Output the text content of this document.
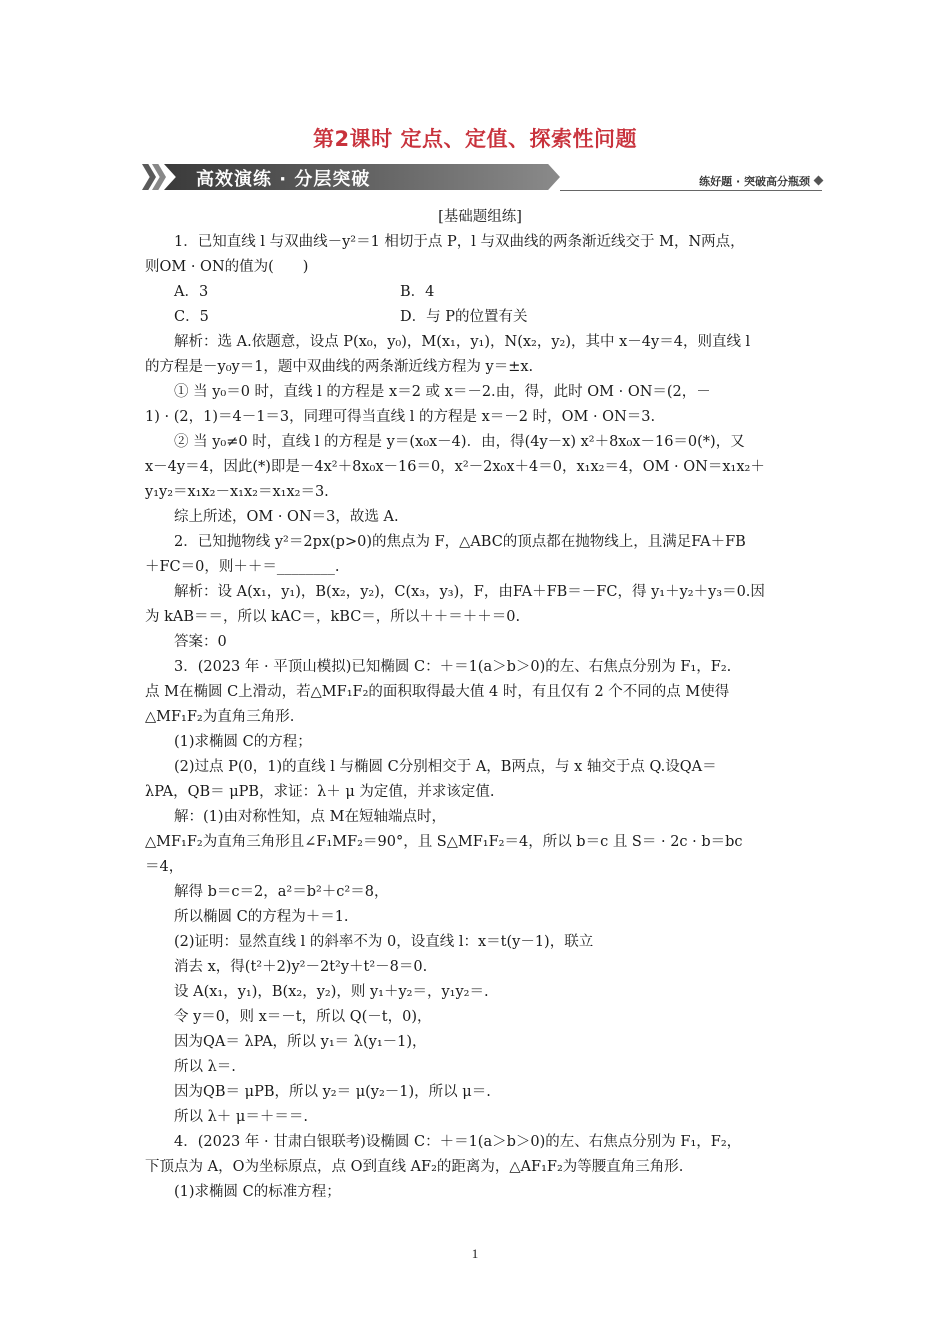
第2课时 定点、定值、探索性问题
高效演练 · 分层突破	练好题 · 突破高分瓶颈

[基础题组练]

1．已知直线 l 与双曲线－y²＝1 相切于点 P，l 与双曲线的两条渐近线交于 M，N两点，

则OM · ON的值为(　　)

A．3	B．4
C．5	D．与 P的位置有关

解析：选 A.依题意，设点 P(x₀，y₀)，M(x₁，y₁)，N(x₂，y₂)，其中 x－4y＝4，则直线 l

的方程是－y₀y＝1，题中双曲线的两条渐近线方程为 y＝±x.

① 当 y₀＝0 时，直线 l 的方程是 x＝2 或 x＝－2.由，得，此时 OM · ON＝(2，－

1) · (2，1)＝4－1＝3，同理可得当直线 l 的方程是 x＝－2 时，OM · ON＝3.

② 当 y₀≠0 时，直线 l 的方程是 y＝(x₀x－4)．由，得(4y－x) x²＋8x₀x－16＝0(*)，又

x－4y＝4，因此(*)即是－4x²＋8x₀x－16＝0，x²－2x₀x＋4＝0，x₁x₂＝4，OM · ON＝x₁x₂＋

y₁y₂＝x₁x₂－x₁x₂＝x₁x₂＝3.

综上所述，OM · ON＝3，故选 A.

2．已知抛物线 y²＝2px(p>0)的焦点为 F，△ABC的顶点都在抛物线上，且满足FA＋FB

＋FC＝0，则＋＋＝________.

解析：设 A(x₁，y₁)，B(x₂，y₂)，C(x₃，y₃)，F，由FA＋FB＝－FC，得 y₁＋y₂＋y₃＝0.因

为 kAB＝＝，所以 kAC＝，kBC＝，所以＋＋＝＋＋＝0.

答案：0

3．(2023 年 · 平顶山模拟)已知椭圆 C：＋＝1(a＞b＞0)的左、右焦点分别为 F₁，F₂.

点 M在椭圆 C上滑动，若△MF₁F₂的面积取得最大值 4 时，有且仅有 2 个不同的点 M使得

△MF₁F₂为直角三角形.

(1)求椭圆 C的方程；

(2)过点 P(0，1)的直线 l 与椭圆 C分别相交于 A，B两点，与 x 轴交于点 Q.设QA＝

λPA，QB＝ μPB，求证：λ＋ μ 为定值，并求该定值.

解：(1)由对称性知，点 M在短轴端点时，

△MF₁F₂为直角三角形且∠F₁MF₂＝90°，且 S△MF₁F₂＝4，所以 b＝c 且 S＝ · 2c · b＝bc

＝4，

解得 b＝c＝2，a²＝b²＋c²＝8，

所以椭圆 C的方程为＋＝1.

(2)证明：显然直线 l 的斜率不为 0，设直线 l：x＝t(y－1)，联立

消去 x，得(t²＋2)y²－2t²y＋t²－8＝0.

设 A(x₁，y₁)，B(x₂，y₂)，则 y₁＋y₂＝，y₁y₂＝.

令 y＝0，则 x＝－t，所以 Q(－t，0)，

因为QA＝ λPA，所以 y₁＝ λ(y₁－1)，

所以 λ＝.

因为QB＝ μPB，所以 y₂＝ μ(y₂－1)，所以 μ＝.

所以 λ＋ μ＝＋＝＝.

4．(2023 年 · 甘肃白银联考)设椭圆 C：＋＝1(a＞b＞0)的左、右焦点分别为 F₁，F₂，

下顶点为 A，O为坐标原点，点 O到直线 AF₂的距离为，△AF₁F₂为等腰直角三角形.

(1)求椭圆 C的标准方程；

1
